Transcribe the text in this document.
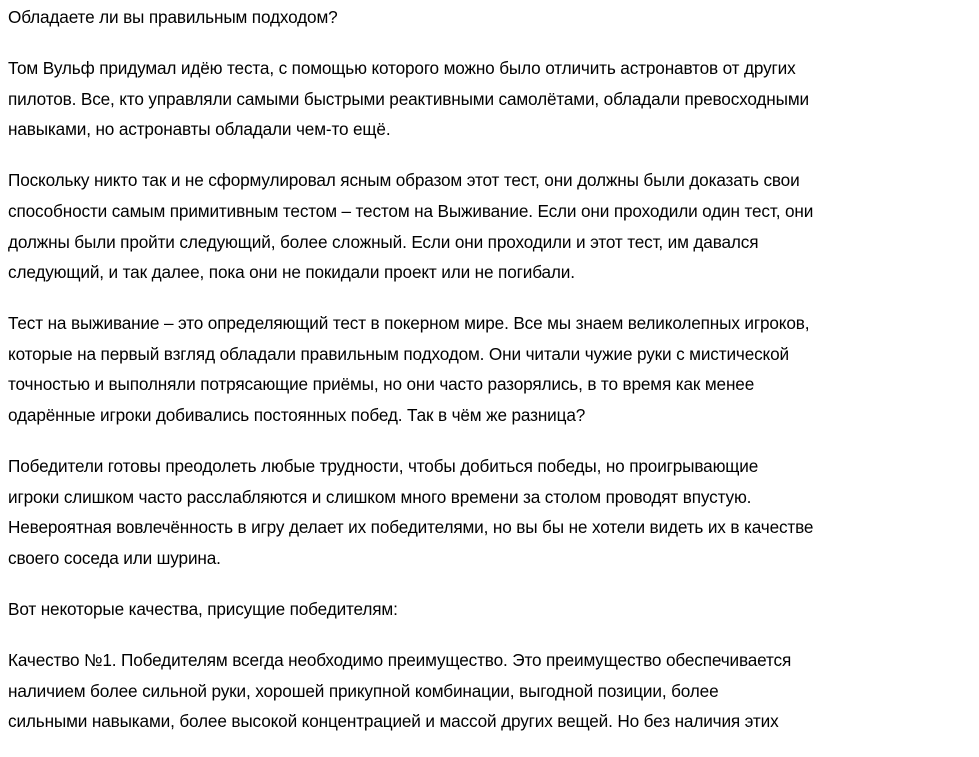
Обладаете ли вы правильным подходом?

Том Вульф придумал идёю теста, с помощью которого можно было отличить астронавтов от других
пилотов. Все, кто управляли самыми быстрыми реактивными самолётами, обладали превосходными
навыками, но астронавты обладали чем-то ещё.

Поскольку никто так и не сформулировал ясным образом этот тест, они должны были доказать свои
способности самым примитивным тестом – тестом на Выживание. Если они проходили один тест, они
должны были пройти следующий, более сложный. Если они проходили и этот тест, им давался
следующий, и так далее, пока они не покидали проект или не погибали.

Тест на выживание – это определяющий тест в покерном мире. Все мы знаем великолепных игроков,
которые на первый взгляд обладали правильным подходом. Они читали чужие руки с мистической
точностью и выполняли потрясающие приёмы, но они часто разорялись, в то время как менее
одарённые игроки добивались постоянных побед. Так в чём же разница?

Победители готовы преодолеть любые трудности, чтобы добиться победы, но проигрывающие
игроки слишком часто расслабляются и слишком много времени за столом проводят впустую.
Невероятная вовлечённость в игру делает их победителями, но вы бы не хотели видеть их в качестве
своего соседа или шурина.

Вот некоторые качества, присущие победителям:

Качество №1. Победителям всегда необходимо преимущество. Это преимущество обеспечивается
наличием более сильной руки, хорошей прикупной комбинации, выгодной позиции, более
сильными навыками, более высокой концентрацией и массой других вещей. Но без наличия этих
